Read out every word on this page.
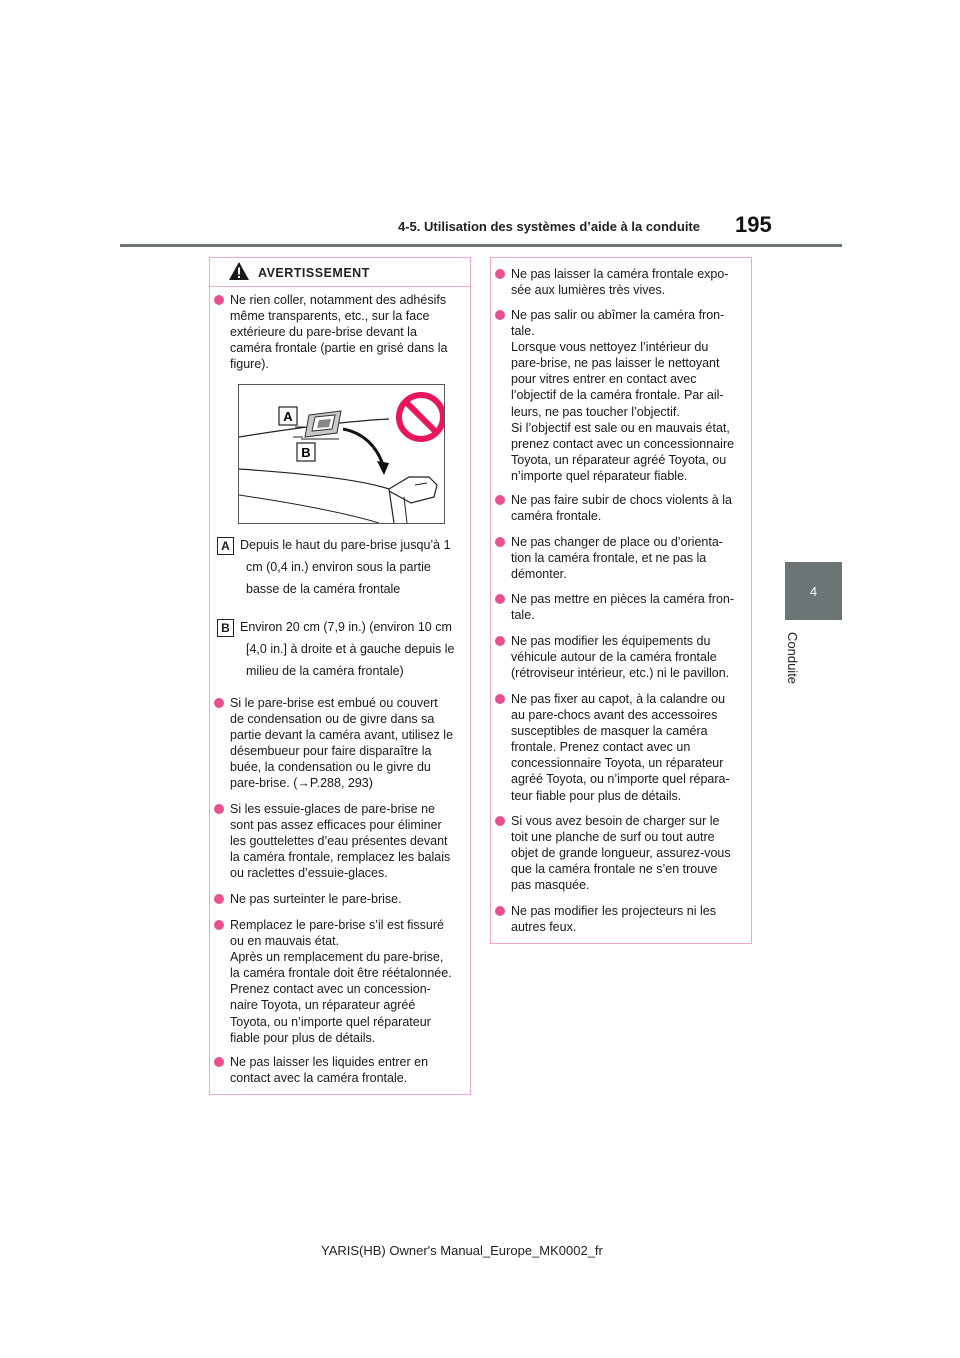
4-5. Utilisation des systèmes d’aide à la conduite 195
4
Conduite
AVERTISSEMENT
Ne rien coller, notamment des adhésifs
même transparents, etc., sur la face
extérieure du pare-brise devant la
caméra frontale (partie en grisé dans la
figure).
A
B
A Depuis le haut du pare-brise jusqu’à 1
cm (0,4 in.) environ sous la partie
basse de la caméra frontale
B Environ 20 cm (7,9 in.) (environ 10 cm
[4,0 in.] à droite et à gauche depuis le
milieu de la caméra frontale)
Si le pare-brise est embué ou couvert
de condensation ou de givre dans sa
partie devant la caméra avant, utilisez le
désembueur pour faire disparaître la
buée, la condensation ou le givre du
pare-brise. (→P.288, 293)
Si les essuie-glaces de pare-brise ne
sont pas assez efficaces pour éliminer
les gouttelettes d’eau présentes devant
la caméra frontale, remplacez les balais
ou raclettes d’essuie-glaces.
Ne pas surteinter le pare-brise.
Remplacez le pare-brise s’il est fissuré
ou en mauvais état.
Après un remplacement du pare-brise,
la caméra frontale doit être réétalonnée.
Prenez contact avec un concession-
naire Toyota, un réparateur agréé
Toyota, ou n’importe quel réparateur
fiable pour plus de détails.
Ne pas laisser les liquides entrer en
contact avec la caméra frontale.
Ne pas laisser la caméra frontale expo-
sée aux lumières très vives.
Ne pas salir ou abîmer la caméra fron-
tale.
Lorsque vous nettoyez l’intérieur du
pare-brise, ne pas laisser le nettoyant
pour vitres entrer en contact avec
l’objectif de la caméra frontale. Par ail-
leurs, ne pas toucher l’objectif.
Si l’objectif est sale ou en mauvais état,
prenez contact avec un concessionnaire
Toyota, un réparateur agréé Toyota, ou
n’importe quel réparateur fiable.
Ne pas faire subir de chocs violents à la
caméra frontale.
Ne pas changer de place ou d’orienta-
tion la caméra frontale, et ne pas la
démonter.
Ne pas mettre en pièces la caméra fron-
tale.
Ne pas modifier les équipements du
véhicule autour de la caméra frontale
(rétroviseur intérieur, etc.) ni le pavillon.
Ne pas fixer au capot, à la calandre ou
au pare-chocs avant des accessoires
susceptibles de masquer la caméra
frontale. Prenez contact avec un
concessionnaire Toyota, un réparateur
agréé Toyota, ou n’importe quel répara-
teur fiable pour plus de détails.
Si vous avez besoin de charger sur le
toit une planche de surf ou tout autre
objet de grande longueur, assurez-vous
que la caméra frontale ne s’en trouve
pas masquée.
Ne pas modifier les projecteurs ni les
autres feux.
YARIS(HB) Owner's Manual_Europe_MK0002_fr
